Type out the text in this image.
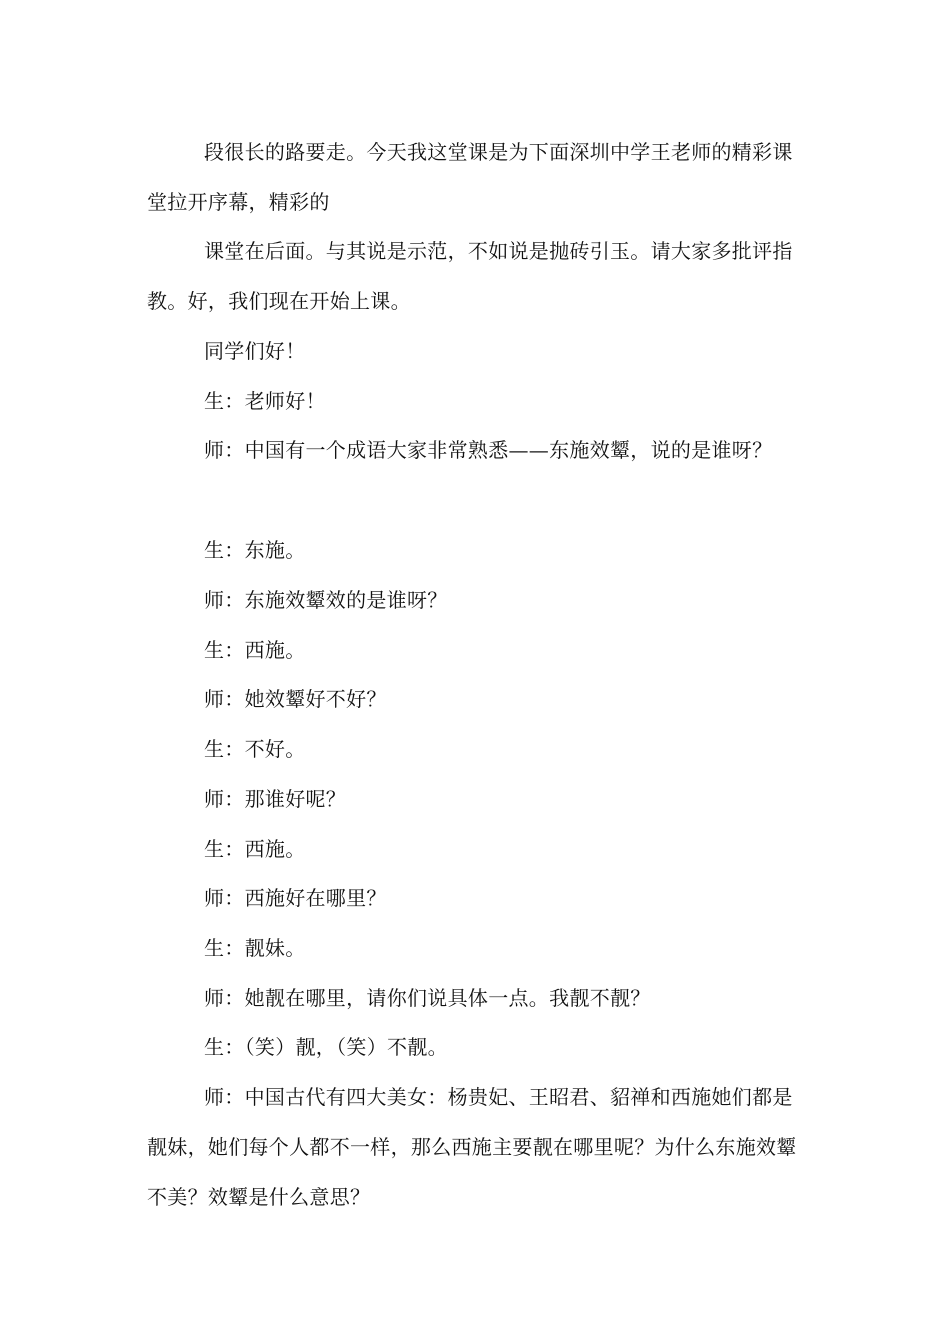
段很长的路要走。今天我这堂课是为下面深圳中学王老师的精彩课堂拉开序幕，精彩的

课堂在后面。与其说是示范，不如说是抛砖引玉。请大家多批评指教。好，我们现在开始上课。

同学们好！

生：老师好！

师：中国有一个成语大家非常熟悉——东施效颦，说的是谁呀？

生：东施。

师：东施效颦效的是谁呀？

生：西施。

师：她效颦好不好？

生：不好。

师：那谁好呢？

生：西施。

师：西施好在哪里？

生：靓妹。

师：她靓在哪里，请你们说具体一点。我靓不靓？

生：（笑）靓，（笑）不靓。

师：中国古代有四大美女：杨贵妃、王昭君、貂禅和西施她们都是靓妹，她们每个人都不一样，那么西施主要靓在哪里呢？为什么东施效颦不美？效颦是什么意思？
